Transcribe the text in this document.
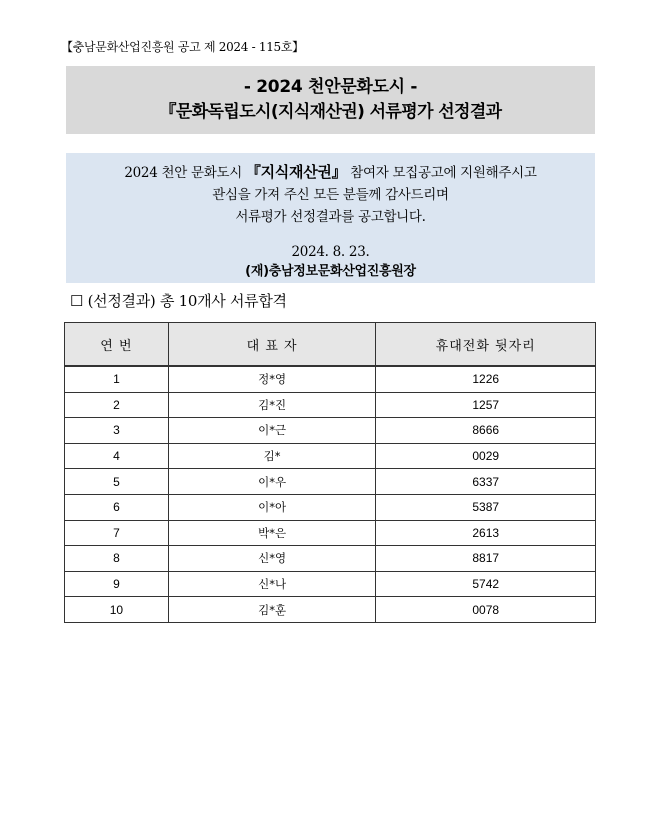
【충남문화산업진흥원 공고 제 2024 - 115호】
- 2024 천안문화도시 -
『문화독립도시(지식재산권) 서류평가 선정결과
2024 천안 문화도시 『지식재산권』 참여자 모집공고에 지원해주시고
관심을 가져 주신 모든 분들께 감사드리며
서류평가 선정결과를 공고합니다.
2024. 8. 23.
(재)충남정보문화산업진흥원장
☐ (선정결과) 총 10개사 서류합격
연 번	대 표 자	휴대전화 뒷자리
1	정*영	1226
2	김*진	1257
3	이*근	8666
4	김*	0029
5	이*우	6337
6	이*아	5387
7	박*은	2613
8	신*영	8817
9	신*나	5742
10	김*훈	0078
